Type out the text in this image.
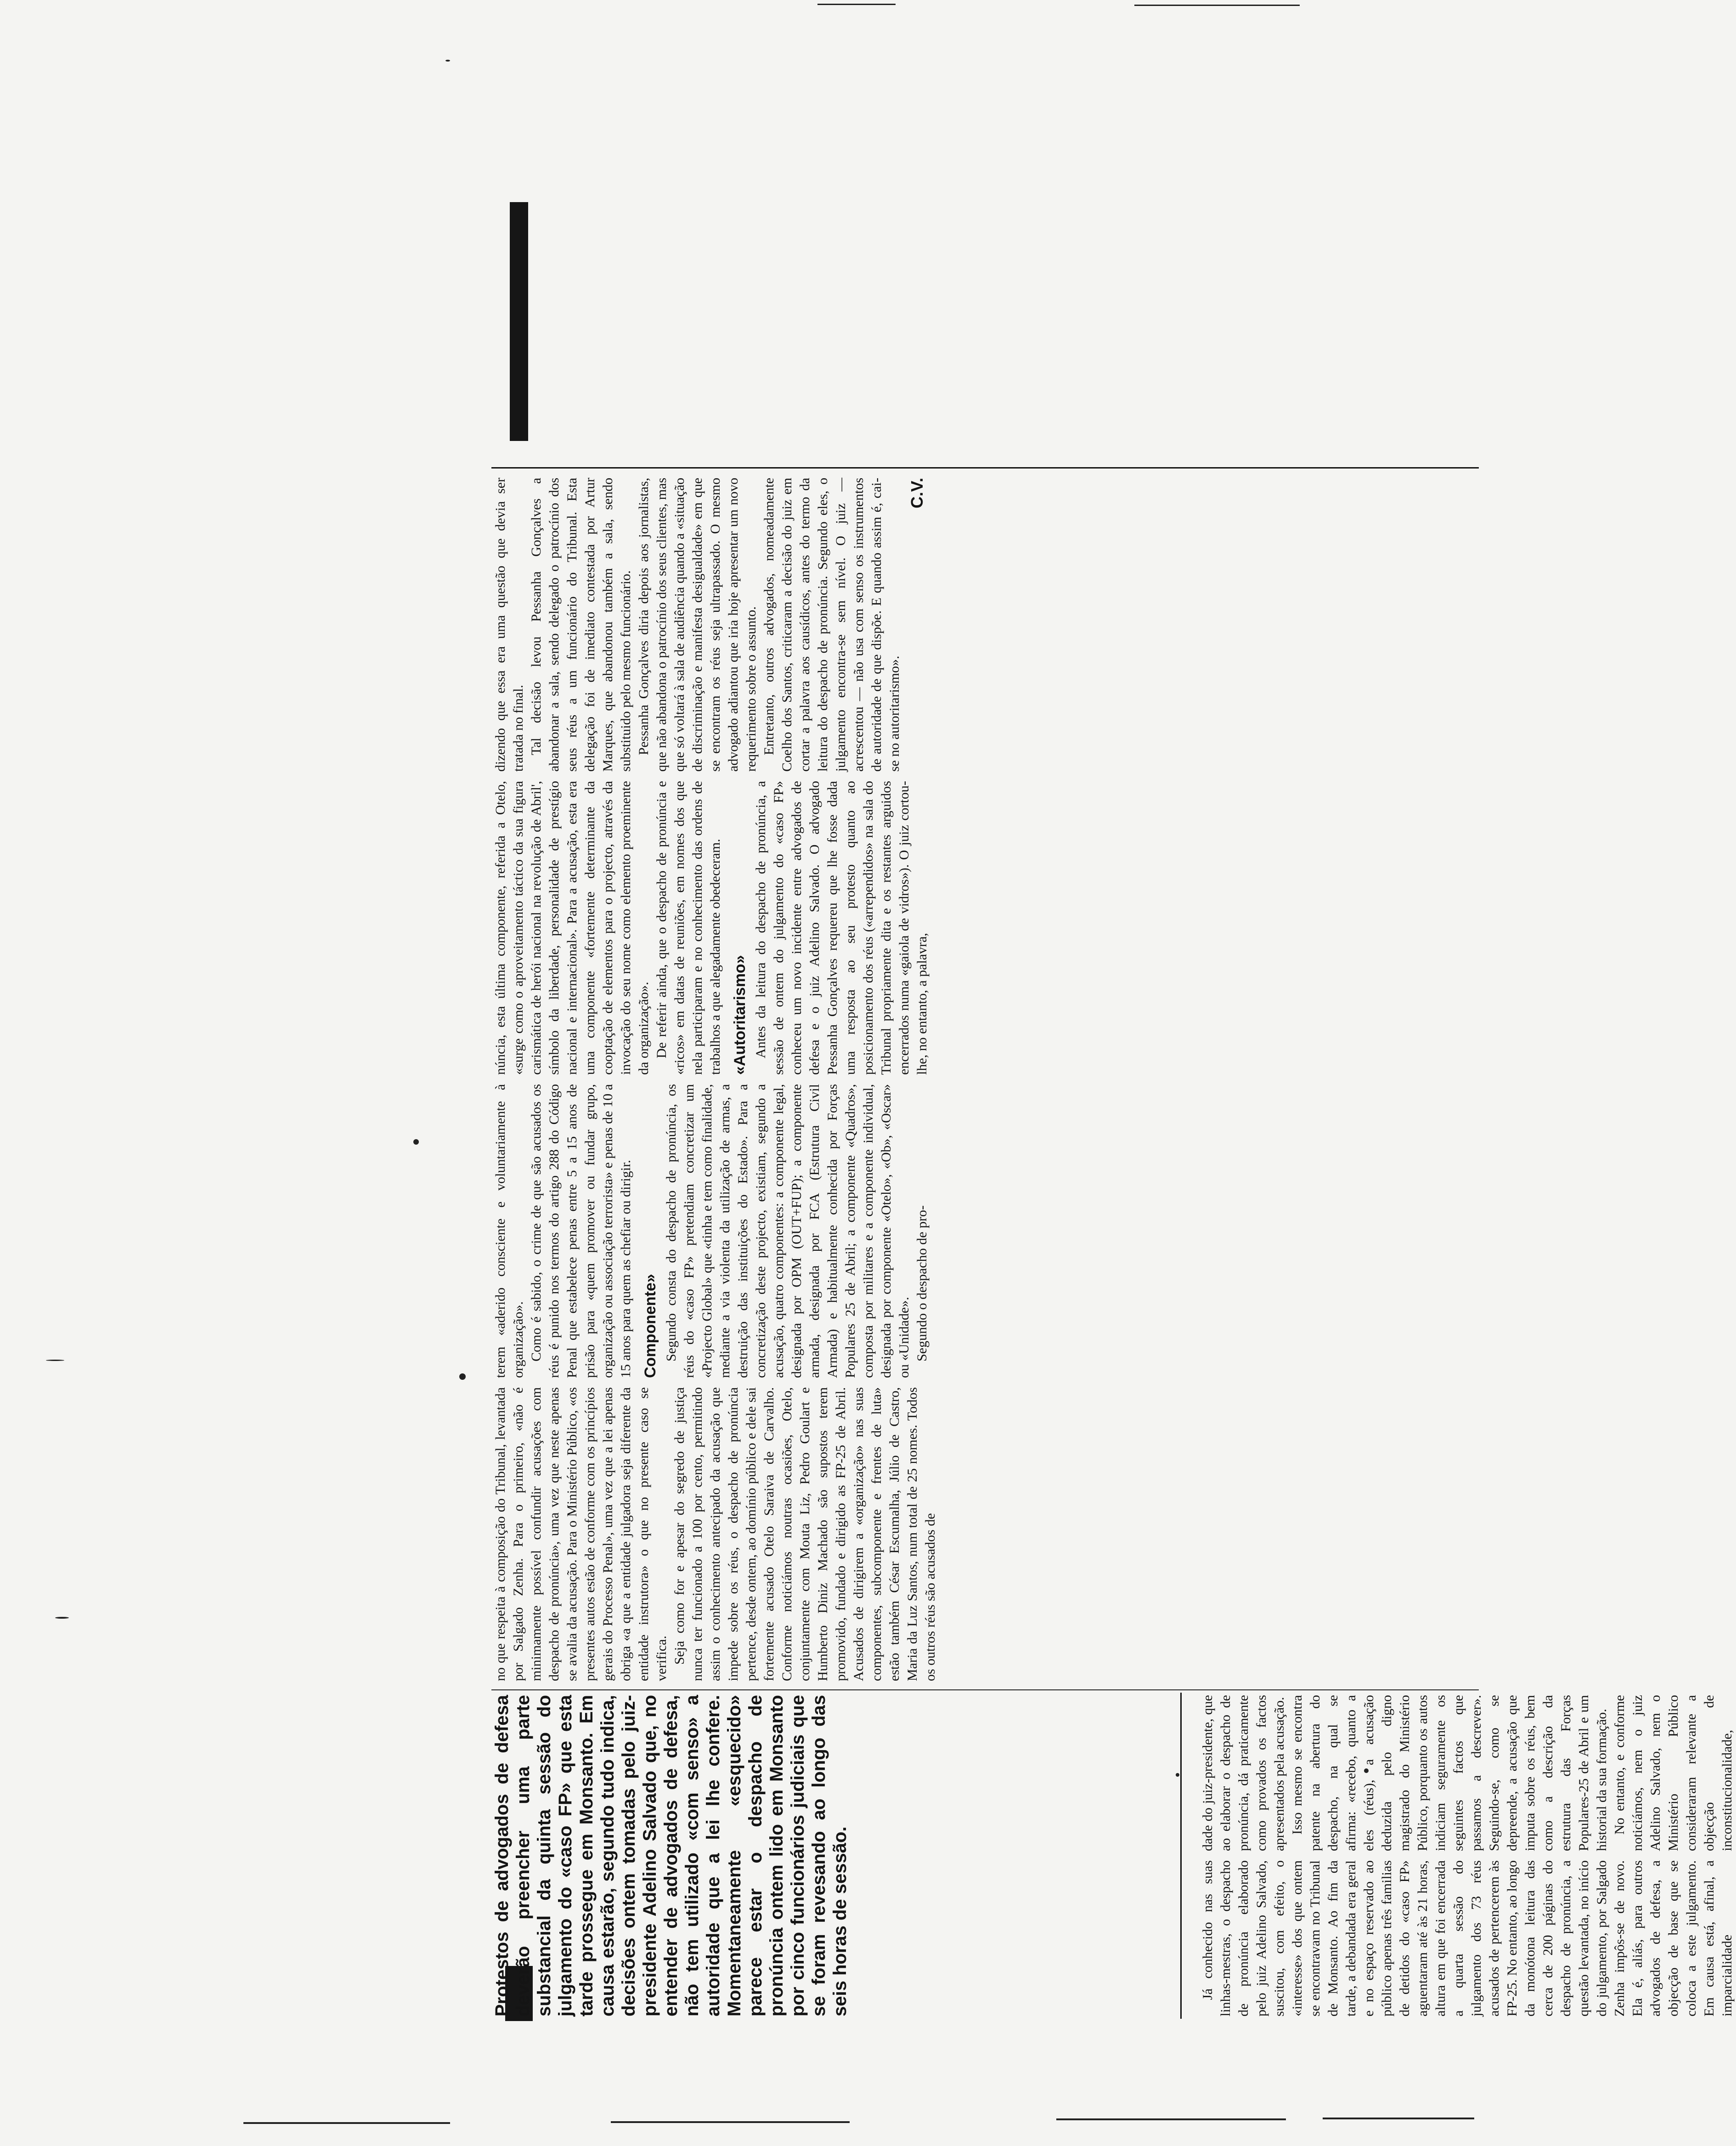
Protestos de advogados de defesa deverão preencher uma parte substancial da quinta sessão do julgamento do «caso FP» que esta tarde prossegue em Monsanto. Em causa estarão, segundo tudo indica, decisões ontem tomadas pelo juiz-presidente Adelino Salvado que, no entender de advogados de defesa, não tem utilizado «com senso» a autoridade que a lei lhe confere. Momentaneamente «esquecido» parece estar o despacho de pronúncia ontem lido em Monsanto por cinco funcionários judiciais que se foram revesando ao longo das seis horas de sessão.	Já conhecido nas suas linhas-mestras, o despacho de pronúncia elaborado pelo juiz Adelino Salvado, suscitou, com efeito, o «interesse» dos que ontem se encontravam no Tribunal de Monsanto. Ao fim da tarde, a debandada era geral e no espaço reservado ao público apenas três familias de detidos do «caso FP» aguentaram até às 21 horas, altura em que foi encerrada a quarta sessão do julgamento dos 73 réus acusados de pertencerem às FP-25. No entanto, ao longo da monótona leitura das cerca de 200 páginas do despacho de pronúncia, a questão levantada, no início do julgamento, por Salgado Zenha impôs-se de novo. Ela é, aliás, para outros advogados de defesa, a objecção de base que se coloca a este julgamento. Em causa está, afinal, a imparcialidade

dade do juiz-presidente, que ao elaborar o despacho de pronúncia, dá praticamente como provados os factos apresentados pela acusação. Isso mesmo se encontra patente na abertura do despacho, na qual se afirma: «recebo, quanto a eles (réus), a acusação deduzida pelo digno magistrado do Ministério Público, porquanto os autos indiciam seguramente os seguintes factos que passamos a descrever». Seguindo-se, como se depreende, a acusação que imputa sobre os réus, bem como a descrição da estrutura das Forças Populares-25 de Abril e um historial da sua formação. No entanto, e conforme noticiámos, nem o juiz Adelino Salvado, nem o Ministério Público consideraram relevante a objecção de inconstitucionalidade,

no que respeita à composição do Tribunal, levantada por Salgado Zenha. Para o primeiro, «não é minimamente possível confundir acusações com despacho de pronúncia», uma vez que neste apenas se avalia da acusação. Para o Ministério Público, «os presentes autos estão de conforme com os princípios gerais do Processo Penal», uma vez que a lei apenas obriga «a que a entidade julgadora seja diferente da entidade instrutora» o que no presente caso se verifica. Seja como for e apesar do segredo de justiça nunca ter funcionado a 100 por cento, permitindo assim o conhecimento antecipado da acusação que impede sobre os réus, o despacho de pronúncia pertence, desde ontem, ao domínio público e dele sai fortemente acusado Otelo Saraiva de Carvalho. Conforme noticiámos noutras ocasiões, Otelo, conjuntamente com Mouta Liz, Pedro Goulart e Humberto Diniz Machado são supostos terem promovido, fundado e dirigido as FP-25 de Abril. Acusados de dirigirem a «organização» nas suas componentes, subcomponente e frentes de luta» estão também César Escumalha, Júlio de Castro, Maria da Luz Santos, num total de 25 nomes. Todos os outros réus são acusados de

terem «aderido consciente e voluntariamente à organização». Como é sabido, o crime de que são acusados os réus é punido nos termos do artigo 288 do Código Penal que estabelece penas entre 5 a 15 anos de prisão para «quem promover ou fundar grupo, organização ou associação terrorista» e penas de 10 a 15 anos para quem as chefiar ou dirigir. Componente» Segundo consta do despacho de pronúncia, os réus do «caso FP» pretendiam concretizar um «Projecto Global» que «tinha e tem como finalidade, mediante a via violenta da utilização de armas, a destruição das instituições do Estado». Para a concretização deste projecto, existiam, segundo a acusação, quatro componentes: a componente legal, designada por OPM (OUT+FUP); a componente armada, designada por FCA (Estrutura Civil Armada) e habitualmente conhecida por Forças Populares 25 de Abril; a componente «Quadros», composta por militares e a componente individual, designada por componente «Otelo», «Ob», «Oscar» ou «Unidade». Segundo o despacho de pro-

núncia, esta última componente, referida a Otelo, «surge como o aproveitamento táctico da sua figura carismática de herói nacional na revolução de Abril', símbolo da liberdade, personalidade de prestígio nacional e internacional». Para a acusação, esta era uma componente «fortemente determinante da cooptação de elementos para o projecto, através da invocação do seu nome como elemento proeminente da organização». De referir ainda, que o despacho de pronúncia e «ricos» em datas de reuniões, em nomes dos que nela participaram e no conhecimento das ordens de trabalhos a que alegadamente obedeceram. «Autoritarismo» Antes da leitura do despacho de pronúncia, a sessão de ontem do julgamento do «caso FP» conheceu um novo incidente entre advogados de defesa e o juiz Adelino Salvado. O advogado Pessanha Gonçalves requereu que lhe fosse dada uma resposta ao seu protesto quanto ao posicionamento dos réus («arrependidos» na sala do Tribunal propriamente dita e os restantes arguidos encerrados numa «gaiola de vidros»). O juiz cortou-lhe, no entanto, a palavra,

dizendo que essa era uma questão que devia ser tratada no final. Tal decisão levou Pessanha Gonçalves a abandonar a sala, sendo delegado o patrocínio dos seus réus a um funcionário do Tribunal. Esta delegação foi de imediato contestada por Artur Marques, que abandonou também a sala, sendo substituido pelo mesmo funcionário. Pessanha Gonçalves diria depois aos jornalistas, que não abandona o patrocínio dos seus clientes, mas que só voltará à sala de audiência quando a «situação de discriminação e manifesta desigualdade» em que se encontram os réus seja ultrapassado. O mesmo advogado adiantou que iria hoje apresentar um novo requerimento sobre o assunto. Entretanto, outros advogados, nomeadamente Coelho dos Santos, criticaram a decisão do juiz em cortar a palavra aos causídicos, antes do termo da leitura do despacho de pronúncia. Segundo eles, o julgamento encontra-se sem nível. O juiz — acrescentou — não usa com senso os instrumentos de autoridade de que dispõe. E quando assim é, cai-se no autoritarismo».

C.V.
